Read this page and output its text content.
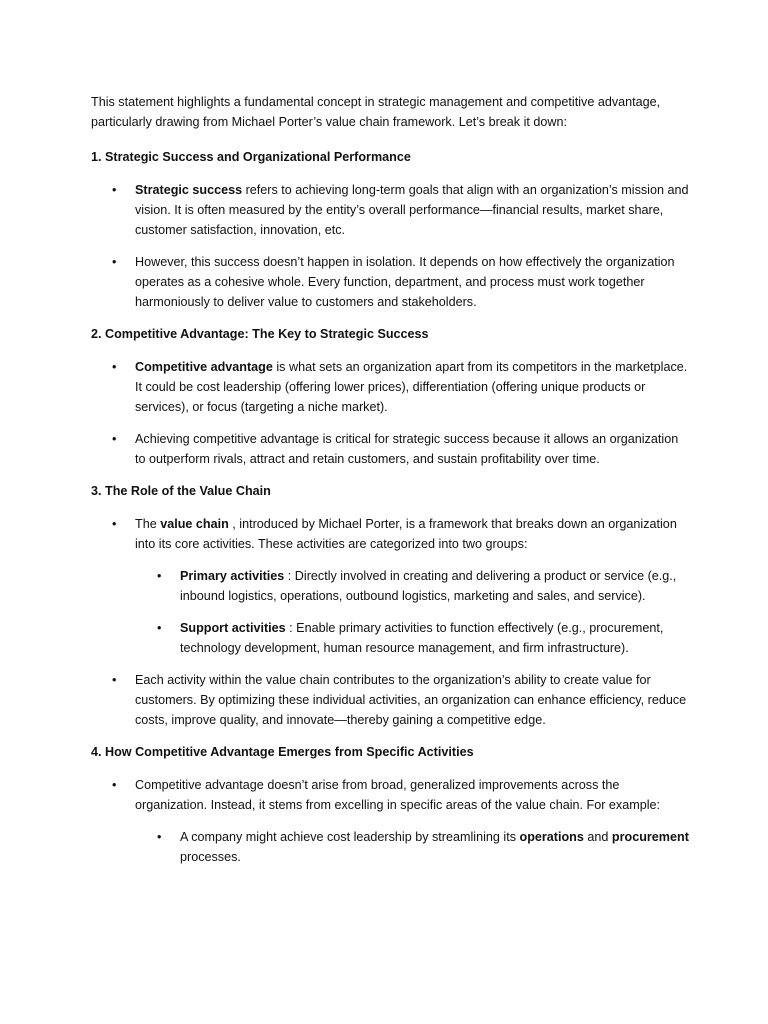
This statement highlights a fundamental concept in strategic management and competitive advantage, particularly drawing from Michael Porter’s value chain framework. Let’s break it down:

1. Strategic Success and Organizational Performance

• Strategic success refers to achieving long-term goals that align with an organization’s mission and vision. It is often measured by the entity’s overall performance—financial results, market share, customer satisfaction, innovation, etc.
• However, this success doesn’t happen in isolation. It depends on how effectively the organization operates as a cohesive whole. Every function, department, and process must work together harmoniously to deliver value to customers and stakeholders.

2. Competitive Advantage: The Key to Strategic Success

• Competitive advantage is what sets an organization apart from its competitors in the marketplace. It could be cost leadership (offering lower prices), differentiation (offering unique products or services), or focus (targeting a niche market).
• Achieving competitive advantage is critical for strategic success because it allows an organization to outperform rivals, attract and retain customers, and sustain profitability over time.

3. The Role of the Value Chain

• The value chain , introduced by Michael Porter, is a framework that breaks down an organization into its core activities. These activities are categorized into two groups:
• Primary activities : Directly involved in creating and delivering a product or service (e.g., inbound logistics, operations, outbound logistics, marketing and sales, and service).
• Support activities : Enable primary activities to function effectively (e.g., procurement, technology development, human resource management, and firm infrastructure).
• Each activity within the value chain contributes to the organization’s ability to create value for customers. By optimizing these individual activities, an organization can enhance efficiency, reduce costs, improve quality, and innovate—thereby gaining a competitive edge.

4. How Competitive Advantage Emerges from Specific Activities

• Competitive advantage doesn’t arise from broad, generalized improvements across the organization. Instead, it stems from excelling in specific areas of the value chain. For example:
• A company might achieve cost leadership by streamlining its operations and procurement processes.
